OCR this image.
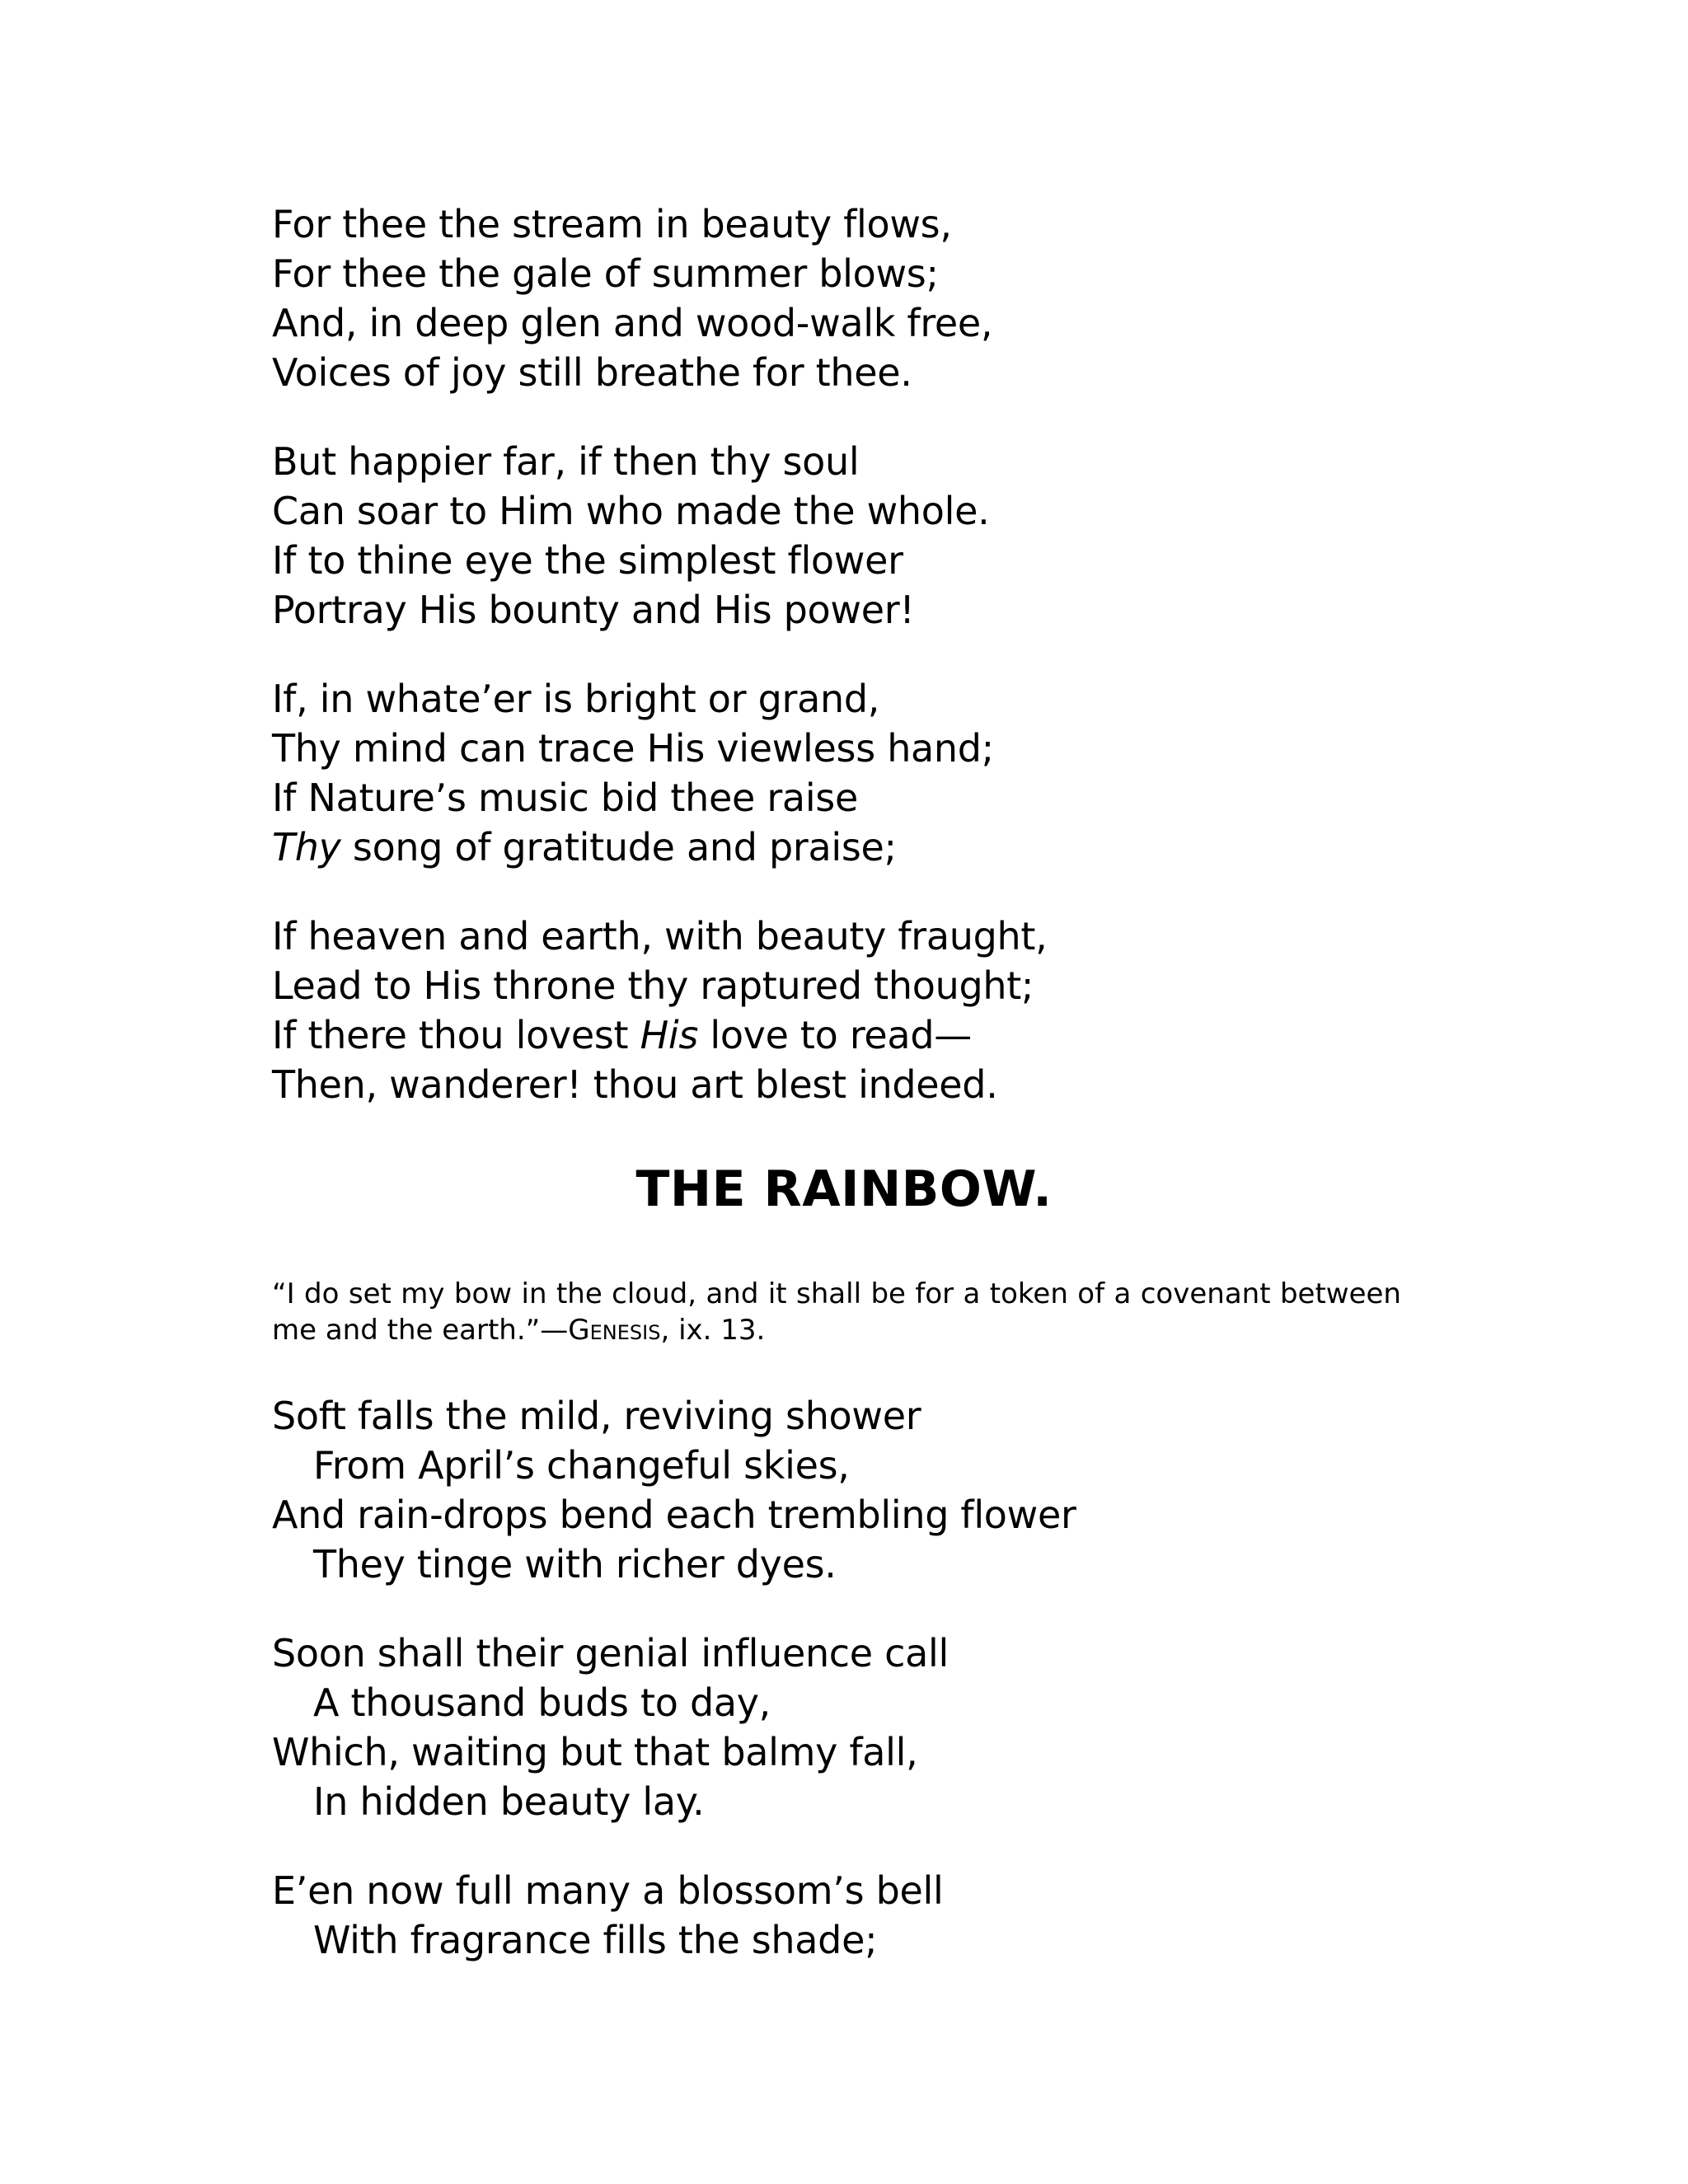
For thee the stream in beauty flows,
For thee the gale of summer blows;
And, in deep glen and wood-walk free,
Voices of joy still breathe for thee.
But happier far, if then thy soul
Can soar to Him who made the whole.
If to thine eye the simplest flower
Portray His bounty and His power!
If, in whate’er is bright or grand,
Thy mind can trace His viewless hand;
If Nature’s music bid thee raise
Thy song of gratitude and praise;
If heaven and earth, with beauty fraught,
Lead to His throne thy raptured thought;
If there thou lovest His love to read—
Then, wanderer! thou art blest indeed.
THE RAINBOW.
“I do set my bow in the cloud, and it shall be for a token of a covenant between me and the earth.”—Genesis, ix. 13.
Soft falls the mild, reviving shower
From April’s changeful skies,
And rain-drops bend each trembling flower
They tinge with richer dyes.
Soon shall their genial influence call
A thousand buds to day,
Which, waiting but that balmy fall,
In hidden beauty lay.
E’en now full many a blossom’s bell
With fragrance fills the shade;
